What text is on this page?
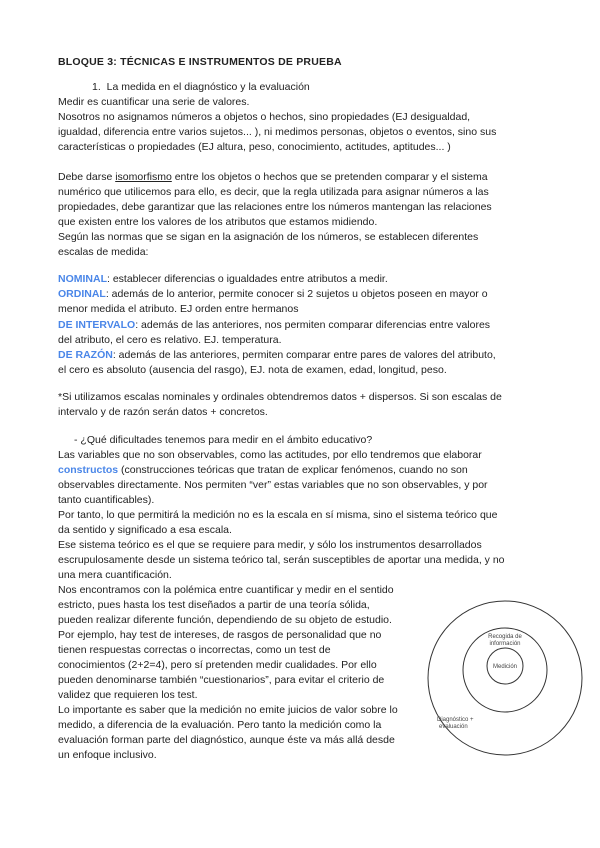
BLOQUE 3: TÉCNICAS E INSTRUMENTOS DE PRUEBA
1. La medida en el diagnóstico y la evaluación
Medir es cuantificar una serie de valores.
Nosotros no asignamos números a objetos o hechos, sino propiedades (EJ desigualdad,
igualdad, diferencia entre varios sujetos... ), ni medimos personas, objetos o eventos, sino sus
características o propiedades (EJ altura, peso, conocimiento, actitudes, aptitudes... )
Debe darse isomorfismo entre los objetos o hechos que se pretenden comparar y el sistema
numérico que utilicemos para ello, es decir, que la regla utilizada para asignar números a las
propiedades, debe garantizar que las relaciones entre los números mantengan las relaciones
que existen entre los valores de los atributos que estamos midiendo.
Según las normas que se sigan en la asignación de los números, se establecen diferentes
escalas de medida:
NOMINAL: establecer diferencias o igualdades entre atributos a medir.
ORDINAL: además de lo anterior, permite conocer si 2 sujetos u objetos poseen en mayor o
menor medida el atributo. EJ orden entre hermanos
DE INTERVALO: además de las anteriores, nos permiten comparar diferencias entre valores
del atributo, el cero es relativo. EJ. temperatura.
DE RAZÓN: además de las anteriores, permiten comparar entre pares de valores del atributo,
el cero es absoluto (ausencia del rasgo), EJ. nota de examen, edad, longitud, peso.
*Si utilizamos escalas nominales y ordinales obtendremos datos + dispersos. Si son escalas de
intervalo y de razón serán datos + concretos.
- ¿Qué dificultades tenemos para medir en el ámbito educativo?
Las variables que no son observables, como las actitudes, por ello tendremos que elaborar
constructos (construcciones teóricas que tratan de explicar fenómenos, cuando no son
observables directamente. Nos permiten “ver” estas variables que no son observables, y por
tanto cuantificables).
Por tanto, lo que permitirá la medición no es la escala en sí misma, sino el sistema teórico que
da sentido y significado a esa escala.
Ese sistema teórico es el que se requiere para medir, y sólo los instrumentos desarrollados
escrupulosamente desde un sistema teórico tal, serán susceptibles de aportar una medida, y no
una mera cuantificación.
Nos encontramos con la polémica entre cuantificar y medir en el sentido
estricto, pues hasta los test diseñados a partir de una teoría sólida,
pueden realizar diferente función, dependiendo de su objeto de estudio.
Por ejemplo, hay test de intereses, de rasgos de personalidad que no
tienen respuestas correctas o incorrectas, como un test de
conocimientos (2+2=4), pero sí pretenden medir cualidades. Por ello
pueden denominarse también “cuestionarios”, para evitar el criterio de
validez que requieren los test.
Lo importante es saber que la medición no emite juicios de valor sobre lo
medido, a diferencia de la evaluación. Pero tanto la medición como la
evaluación forman parte del diagnóstico, aunque éste va más allá desde
un enfoque inclusivo.
Recogida de
información
Medición
Diagnóstico +
evaluación
